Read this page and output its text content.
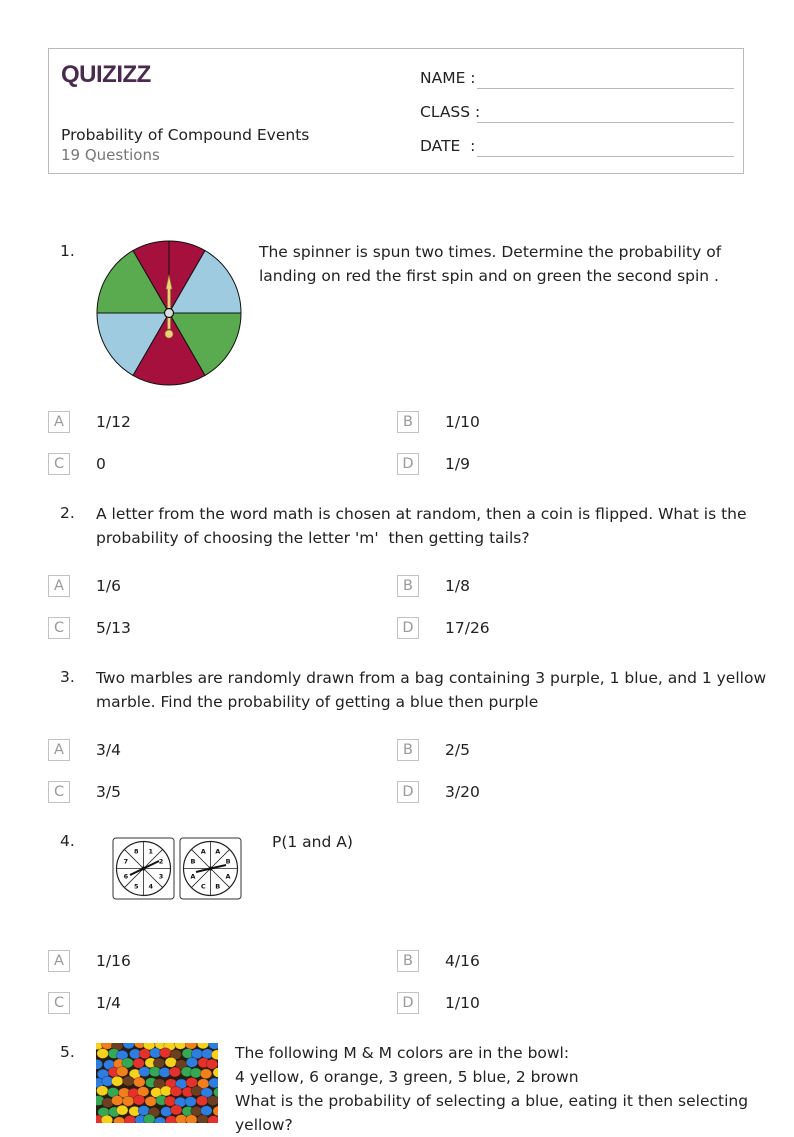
QUIZIZZ
Probability of Compound Events
19 Questions
NAME :
CLASS :
DATE  :
1.	The spinner is spun two times. Determine the probability of
landing on red the first spin and on green the second spin .
A	1/12	B	1/10
C	0	D	1/9
2. A letter from the word math is chosen at random, then a coin is flipped. What is the
probability of choosing the letter 'm'  then getting tails?
A	1/6	B	1/8
C	5/13	D	17/26
3. Two marbles are randomly drawn from a bag containing 3 purple, 1 blue, and 1 yellow
marble. Find the probability of getting a blue then purple
A	3/4	B	2/5
C	3/5	D	3/20
4.
1
2
3
4
5
6
7
8	A
B
A
B
C
A
B
A
P(1 and A)
A	1/16	B	4/16
C	1/4	D	1/10
5.	The following M & M colors are in the bowl:
4 yellow, 6 orange, 3 green, 5 blue, 2 brown
What is the probability of selecting a blue, eating it then selecting
yellow?
